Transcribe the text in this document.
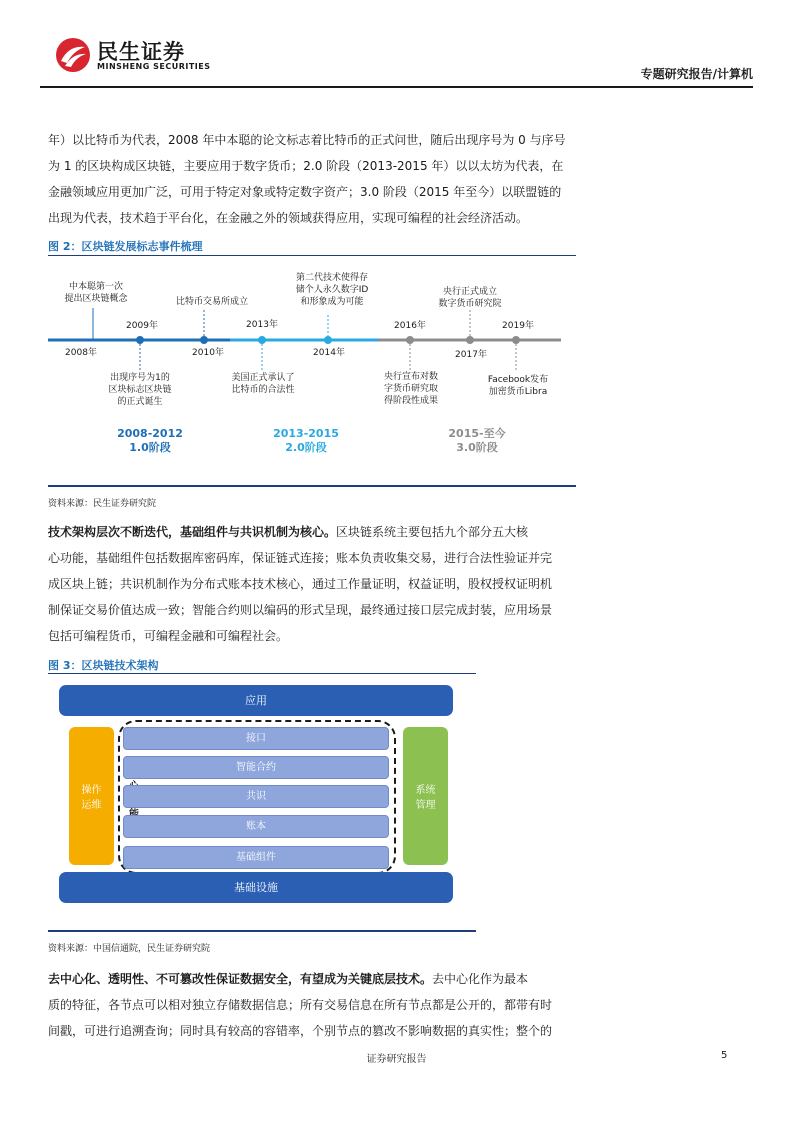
民生证券
MINSHENG SECURITIES
专题研究报告/计算机
年）以比特币为代表，2008 年中本聪的论文标志着比特币的正式问世，随后出现序号为 0 与序号
为 1 的区块构成区块链，主要应用于数字货币；2.0 阶段（2013-2015 年）以以太坊为代表，在
金融领域应用更加广泛，可用于特定对象或特定数字资产；3.0 阶段（2015 年至今）以联盟链的
出现为代表，技术趋于平台化，在金融之外的领域获得应用，实现可编程的社会经济活动。
图 2：区块链发展标志事件梳理
中本聪第一次
提出区块链概念
2008年
2009年
出现序号为1的
区块标志区块链
的正式诞生
比特币交易所成立
2010年
2013年
美国正式承认了
比特币的合法性
第二代技术使得存
储个人永久数字ID
和形象成为可能
2014年
2016年
央行宣布对数
字货币研究取
得阶段性成果
央行正式成立
数字货币研究院
2017年
2019年
Facebook发布
加密货币Libra
2008-2012
1.0阶段
2013-2015
2.0阶段
2015-至今
3.0阶段
资料来源：民生证券研究院
技术架构层次不断迭代，基础组件与共识机制为核心。区块链系统主要包括九个部分五大核
心功能，基础组件包括数据库密码库，保证链式连接；账本负责收集交易，进行合法性验证并完
成区块上链；共识机制作为分布式账本技术核心，通过工作量证明，权益证明，股权授权证明机
制保证交易价值达成一致；智能合约则以编码的形式呈现，最终通过接口层完成封装，应用场景
包括可编程货币，可编程金融和可编程社会。
图 3：区块链技术架构
应用
操作
运维
系统
管理
接口
智能合约
共识
账本
基础组件
基础设施
资料来源：中国信通院，民生证券研究院
去中心化、透明性、不可篡改性保证数据安全，有望成为关键底层技术。去中心化作为最本
质的特征，各节点可以相对独立存储数据信息；所有交易信息在所有节点都是公开的，都带有时
间戳，可进行追溯查询；同时具有较高的容错率，个别节点的篡改不影响数据的真实性；整个的
证券研究报告	5
